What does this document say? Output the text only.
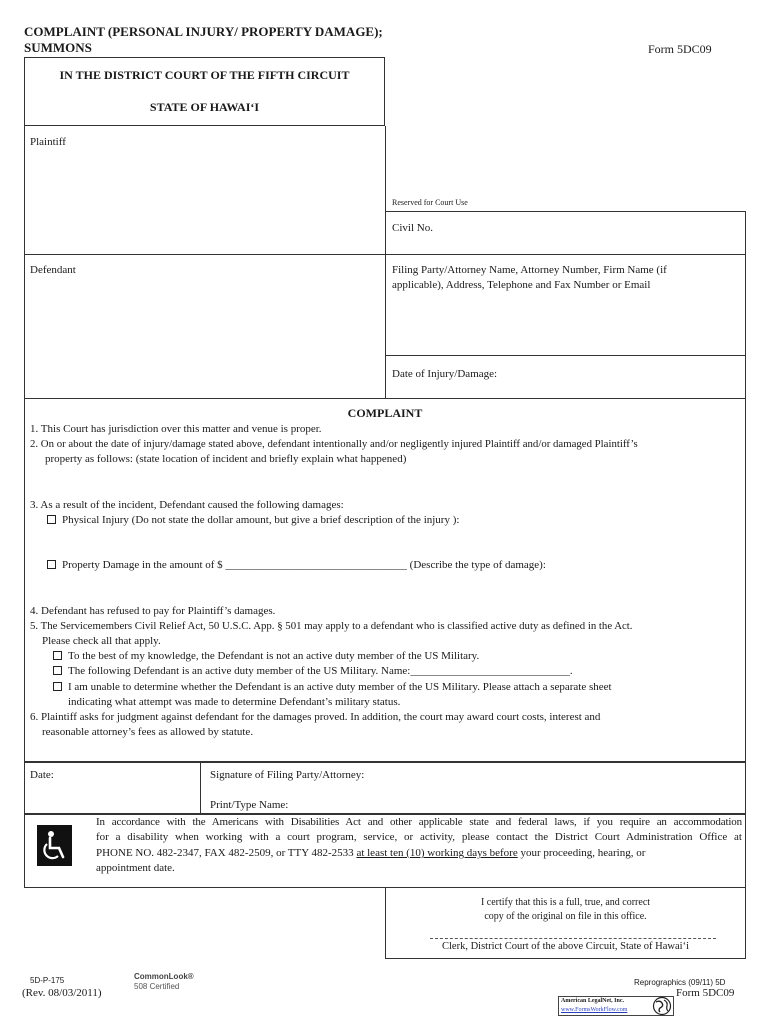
COMPLAINT (PERSONAL INJURY/ PROPERTY DAMAGE);
SUMMONS	Form 5DC09
IN THE DISTRICT COURT OF THE FIFTH CIRCUIT
STATE OF HAWAI‘I
Plaintiff
Reserved for Court Use
Civil No.
Defendant	Filing Party/Attorney Name, Attorney Number, Firm Name (if
applicable), Address, Telephone and Fax Number or Email
Date of Injury/Damage:
COMPLAINT
1. This Court has jurisdiction over this matter and venue is proper.
2. On or about the date of injury/damage stated above, defendant intentionally and/or negligently injured Plaintiff and/or damaged Plaintiff’s
property as follows: (state location of incident and briefly explain what happened)
3. As a result of the incident, Defendant caused the following damages:
Physical Injury (Do not state the dollar amount, but give a brief description of the injury ):
Property Damage in the amount of $ _________________________________ (Describe the type of damage):
4. Defendant has refused to pay for Plaintiff’s damages.
5. The Servicemembers Civil Relief Act, 50 U.S.C. App. § 501 may apply to a defendant who is classified active duty as defined in the Act.
Please check all that apply.
To the best of my knowledge, the Defendant is not an active duty member of the US Military.
The following Defendant is an active duty member of the US Military. Name:_____________________________.
I am unable to determine whether the Defendant is an active duty member of the US Military. Please attach a separate sheet
indicating what attempt was made to determine Defendant’s military status.
6. Plaintiff asks for judgment against defendant for the damages proved. In addition, the court may award court costs, interest and
reasonable attorney’s fees as allowed by statute.
Date:	Signature of Filing Party/Attorney:
Print/Type Name:
In accordance with the Americans with Disabilities Act and other applicable state and federal laws, if you require an accommodation
for a disability when working with a court program, service, or activity, please contact the District Court Administration Office at
PHONE NO. 482-2347, FAX 482-2509, or TTY 482-2533 at least ten (10) working days before your proceeding, hearing, or
appointment date.
I certify that this is a full, true, and correct
copy of the original on file in this office.
Clerk, District Court of the above Circuit, State of Hawai‘i
5D-P-175
(Rev. 08/03/2011)
CommonLook®
508 Certified	Reprographics (09/11) 5D
Form 5DC09
American LegalNet, Inc.
www.FormsWorkFlow.com
